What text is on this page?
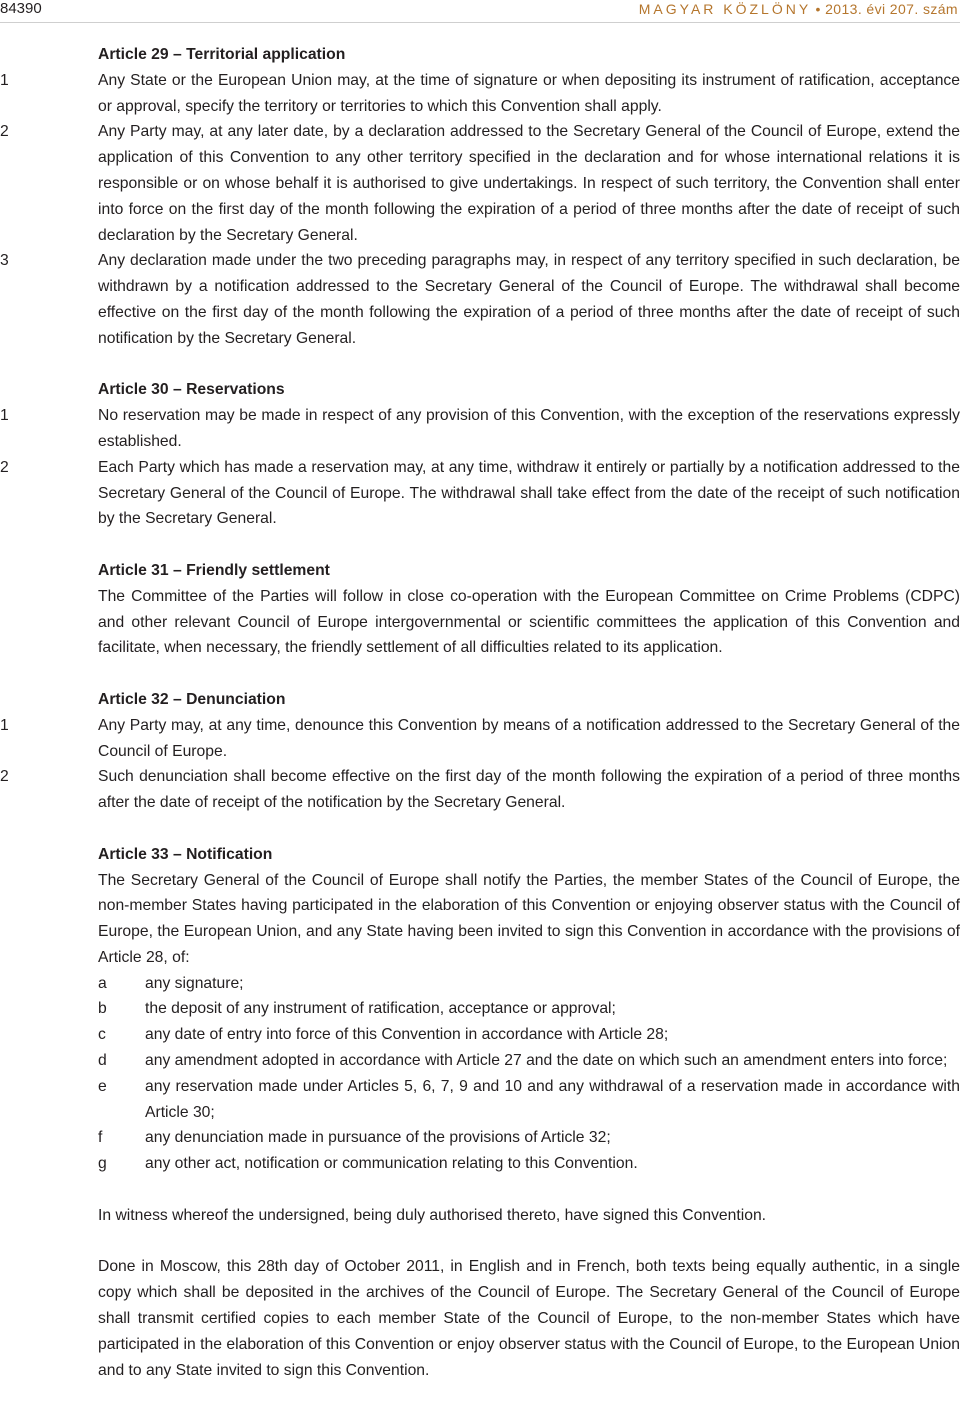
84390	MAGYAR KÖZLÖNY • 2013. évi 207. szám
Article 29 – Territorial application
1	Any State or the European Union may, at the time of signature or when depositing its instrument of ratification, acceptance or approval, specify the territory or territories to which this Convention shall apply.
2	Any Party may, at any later date, by a declaration addressed to the Secretary General of the Council of Europe, extend the application of this Convention to any other territory specified in the declaration and for whose international relations it is responsible or on whose behalf it is authorised to give undertakings. In respect of such territory, the Convention shall enter into force on the first day of the month following the expiration of a period of three months after the date of receipt of such declaration by the Secretary General.
3	Any declaration made under the two preceding paragraphs may, in respect of any territory specified in such declaration, be withdrawn by a notification addressed to the Secretary General of the Council of Europe. The withdrawal shall become effective on the first day of the month following the expiration of a period of three months after the date of receipt of such notification by the Secretary General.
Article 30 – Reservations
1	No reservation may be made in respect of any provision of this Convention, with the exception of the reservations expressly established.
2	Each Party which has made a reservation may, at any time, withdraw it entirely or partially by a notification addressed to the Secretary General of the Council of Europe. The withdrawal shall take effect from the date of the receipt of such notification by the Secretary General.
Article 31 – Friendly settlement
The Committee of the Parties will follow in close co-operation with the European Committee on Crime Problems (CDPC) and other relevant Council of Europe intergovernmental or scientific committees the application of this Convention and facilitate, when necessary, the friendly settlement of all difficulties related to its application.
Article 32 – Denunciation
1	Any Party may, at any time, denounce this Convention by means of a notification addressed to the Secretary General of the Council of Europe.
2	Such denunciation shall become effective on the first day of the month following the expiration of a period of three months after the date of receipt of the notification by the Secretary General.
Article 33 – Notification
The Secretary General of the Council of Europe shall notify the Parties, the member States of the Council of Europe, the non-member States having participated in the elaboration of this Convention or enjoying observer status with the Council of Europe, the European Union, and any State having been invited to sign this Convention in accordance with the provisions of Article 28, of:
a	any signature;
b	the deposit of any instrument of ratification, acceptance or approval;
c	any date of entry into force of this Convention in accordance with Article 28;
d	any amendment adopted in accordance with Article 27 and the date on which such an amendment enters into force;
e	any reservation made under Articles 5, 6, 7, 9 and 10 and any withdrawal of a reservation made in accordance with Article 30;
f	any denunciation made in pursuance of the provisions of Article 32;
g	any other act, notification or communication relating to this Convention.
In witness whereof the undersigned, being duly authorised thereto, have signed this Convention.
Done in Moscow, this 28th day of October 2011, in English and in French, both texts being equally authentic, in a single copy which shall be deposited in the archives of the Council of Europe. The Secretary General of the Council of Europe shall transmit certified copies to each member State of the Council of Europe, to the non-member States which have participated in the elaboration of this Convention or enjoy observer status with the Council of Europe, to the European Union and to any State invited to sign this Convention.
